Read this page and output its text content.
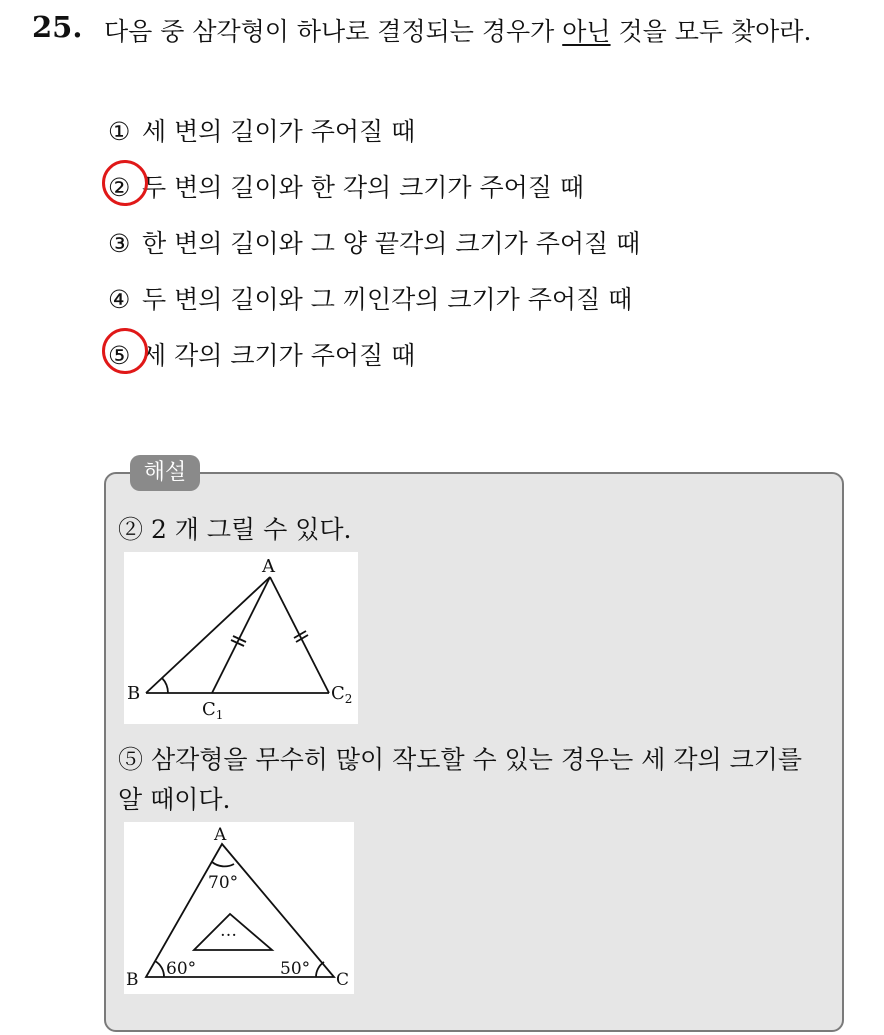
25. 다음 중 삼각형이 하나로 결정되는 경우가 아닌 것을 모두 찾아라.
① 세 변의 길이가 주어질 때
② 두 변의 길이와 한 각의 크기가 주어질 때
③ 한 변의 길이와 그 양 끝각의 크기가 주어질 때
④ 두 변의 길이와 그 끼인각의 크기가 주어질 때
⑤ 세 각의 크기가 주어질 때
해설
② 2 개 그릴 수 있다.
A
B
$C_1$
$C_2$
⑤ 삼각형을 무수히 많이 작도할 수 있는 경우는 세 각의 크기를
알 때이다.
A
B	C
70°
60°	50°
…
